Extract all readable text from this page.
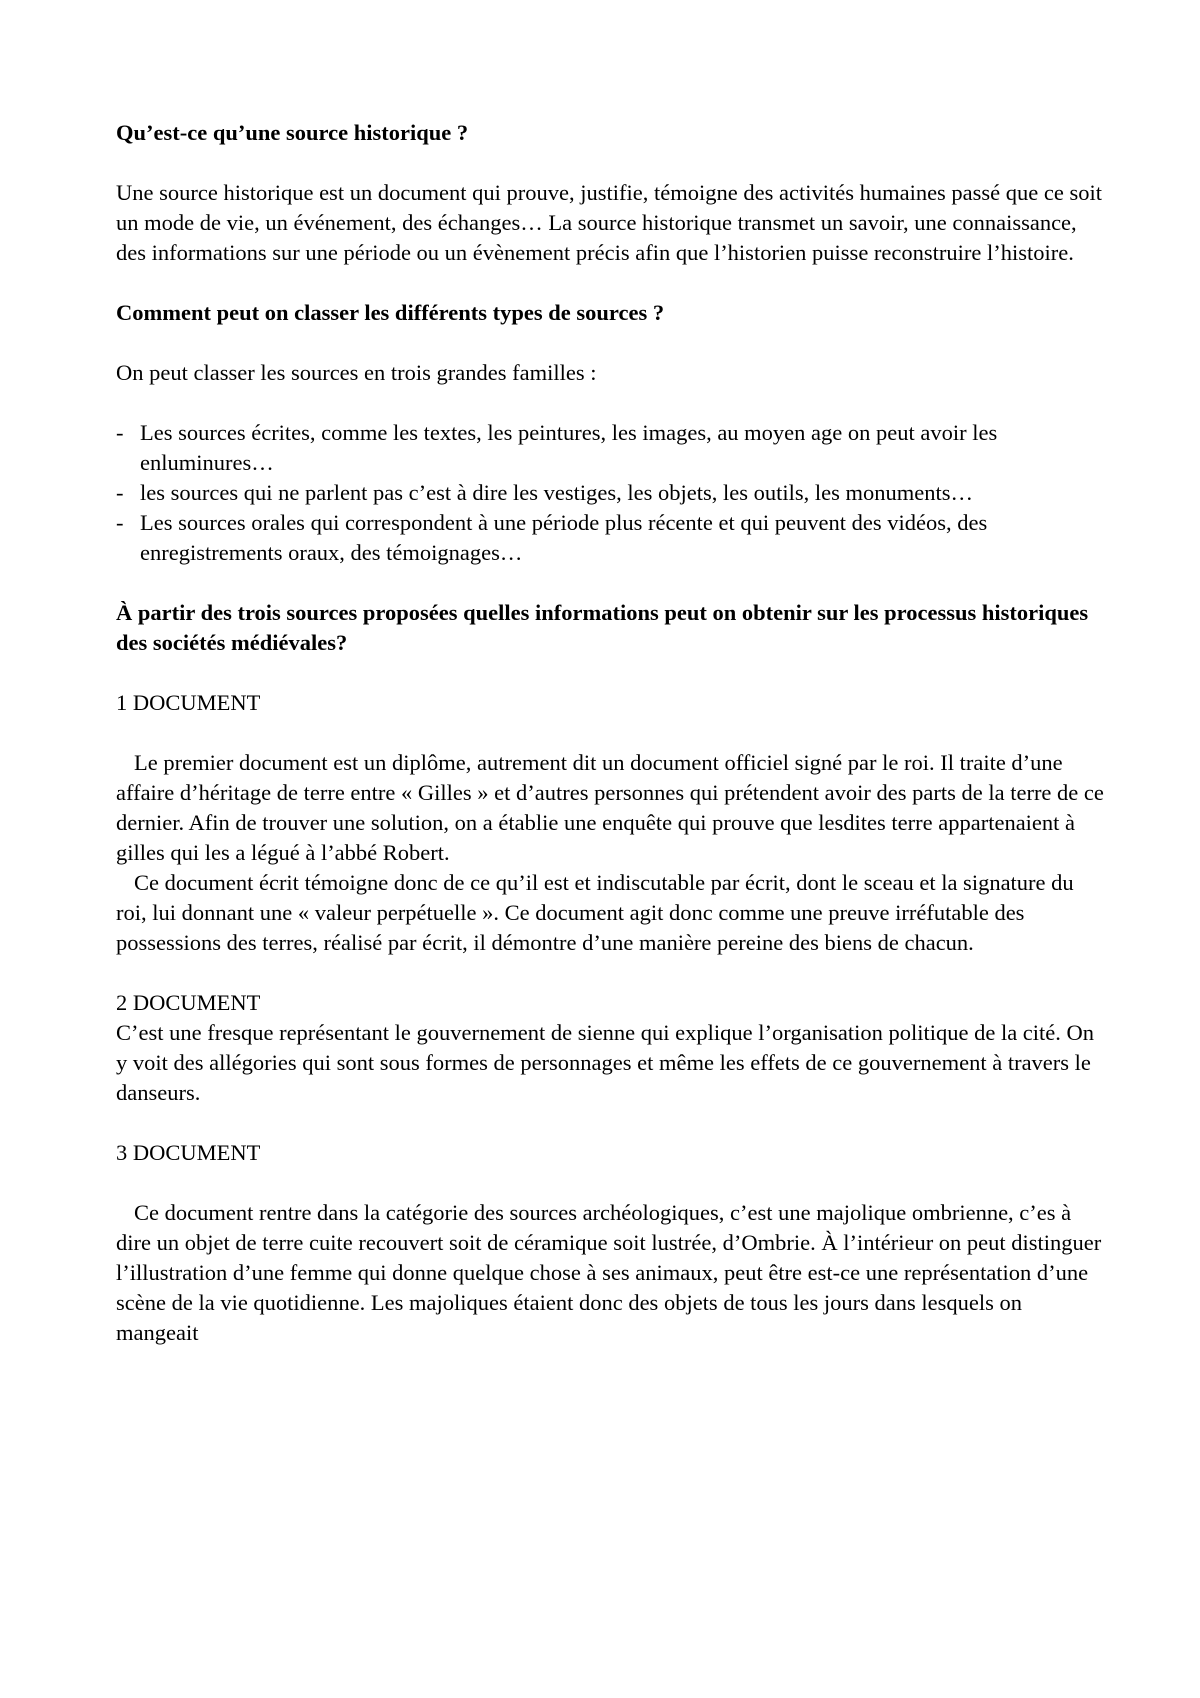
Qu’est-ce qu’une source historique ?

Une source historique est un document qui prouve, justifie, témoigne des activités humaines passé que ce soit un mode de vie, un événement, des échanges… La source historique transmet un savoir, une connaissance, des informations sur une période ou un évènement précis afin que l’historien puisse reconstruire l’histoire.

Comment peut on classer les différents types de sources ?

On peut classer les sources en trois grandes familles :

- Les sources écrites, comme les textes, les peintures, les images, au moyen age on peut avoir les enluminures…
- les sources qui ne parlent pas c’est à dire les vestiges, les objets, les outils, les monuments…
- Les sources orales qui correspondent à une période plus récente et qui peuvent des vidéos, des enregistrements oraux, des témoignages…

À partir des trois sources proposées quelles informations peut on obtenir sur les processus historiques des sociétés médiévales?

1 DOCUMENT

Le premier document est un diplôme, autrement dit un document officiel signé par le roi. Il traite d’une affaire d’héritage de terre entre « Gilles » et d’autres personnes qui prétendent avoir des parts de la terre de ce dernier. Afin de trouver une solution, on a établie une enquête qui prouve que lesdites terre appartenaient à gilles qui les a légué à l’abbé Robert.

Ce document écrit témoigne donc de ce qu’il est et indiscutable par écrit, dont le sceau et la signature du roi, lui donnant une « valeur perpétuelle ». Ce document agit donc comme une preuve irréfutable des possessions des terres, réalisé par écrit, il démontre d’une manière pereine des biens de chacun.

2 DOCUMENT

C’est une fresque représentant le gouvernement de sienne qui explique l’organisation politique de la cité. On y voit des allégories qui sont sous formes de personnages et même les effets de ce gouvernement à travers le danseurs.

3 DOCUMENT

Ce document rentre dans la catégorie des sources archéologiques, c’est une majolique ombrienne, c’es à dire un objet de terre cuite recouvert soit de céramique soit lustrée, d’Ombrie. À l’intérieur on peut distinguer l’illustration d’une femme qui donne quelque chose à ses animaux, peut être est-ce une représentation d’une scène de la vie quotidienne. Les majoliques étaient donc des objets de tous les jours dans lesquels on mangeait
